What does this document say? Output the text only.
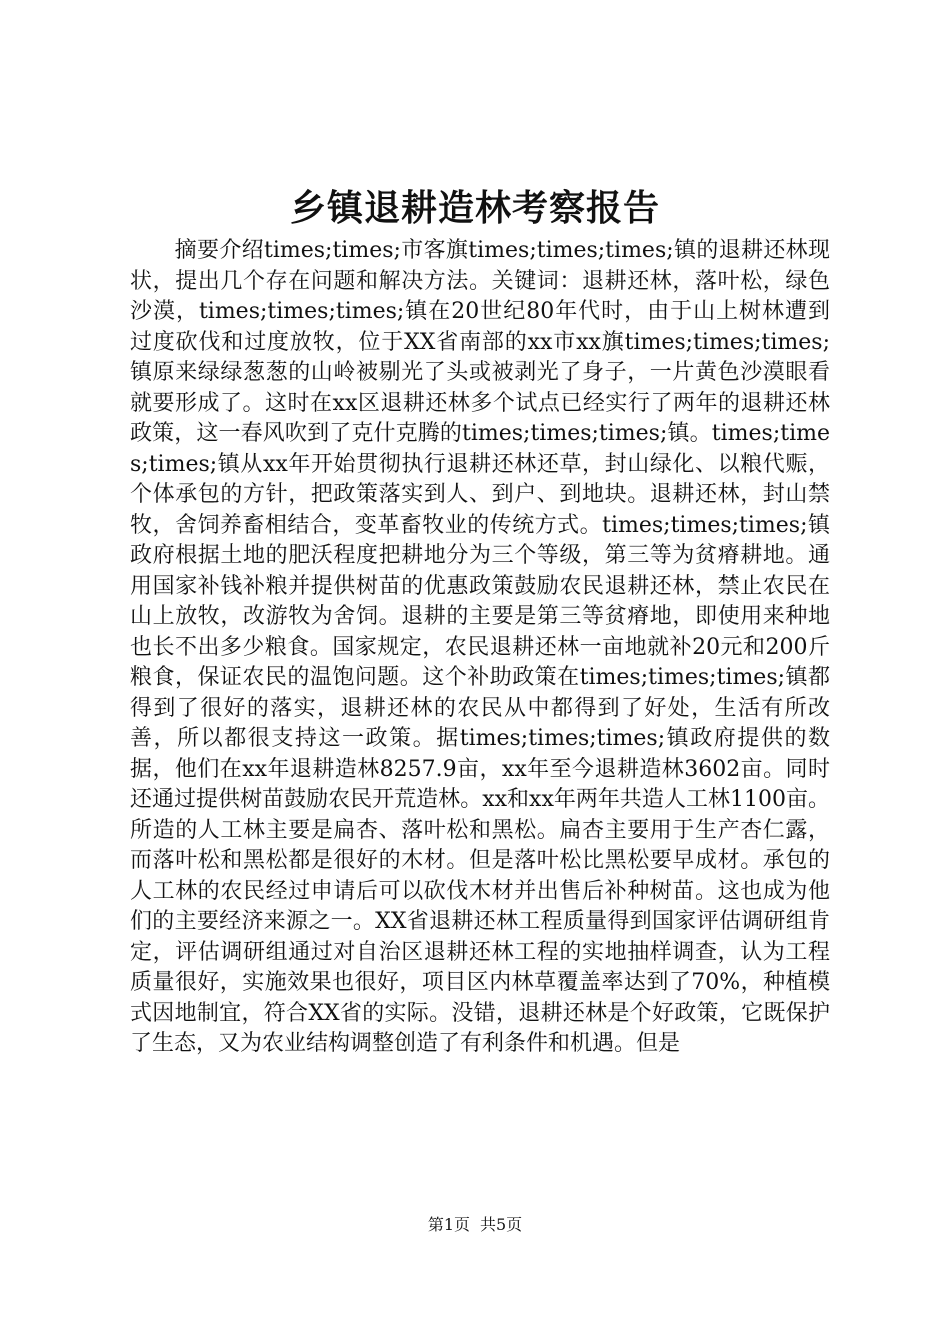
乡镇退耕造林考察报告

　　摘要介绍times;times;市客旗times;times;times;镇的退耕还林现状，提出几个存在问题和解决方法。关键词：退耕还林，落叶松，绿色沙漠，times;times;times;镇在20世纪80年代时，由于山上树林遭到过度砍伐和过度放牧，位于XX省南部的xx市xx旗times;times;times;镇原来绿绿葱葱的山岭被剔光了头或被剥光了身子，一片黄色沙漠眼看就要形成了。这时在xx区退耕还林多个试点已经实行了两年的退耕还林政策，这一春风吹到了克什克腾的times;times;times;镇。times;times;times;镇从xx年开始贯彻执行退耕还林还草，封山绿化、以粮代赈，个体承包的方针，把政策落实到人、到户、到地块。退耕还林，封山禁牧，舍饲养畜相结合，变革畜牧业的传统方式。times;times;times;镇政府根据土地的肥沃程度把耕地分为三个等级，第三等为贫瘠耕地。通用国家补钱补粮并提供树苗的优惠政策鼓励农民退耕还林，禁止农民在山上放牧，改游牧为舍饲。退耕的主要是第三等贫瘠地，即使用来种地也长不出多少粮食。国家规定，农民退耕还林一亩地就补20元和200斤粮食，保证农民的温饱问题。这个补助政策在times;times;times;镇都得到了很好的落实，退耕还林的农民从中都得到了好处，生活有所改善，所以都很支持这一政策。据times;times;times;镇政府提供的数据，他们在xx年退耕造林8257.9亩，xx年至今退耕造林3602亩。同时还通过提供树苗鼓励农民开荒造林。xx和xx年两年共造人工林1100亩。所造的人工林主要是扁杏、落叶松和黑松。扁杏主要用于生产杏仁露，而落叶松和黑松都是很好的木材。但是落叶松比黑松要早成材。承包的人工林的农民经过申请后可以砍伐木材并出售后补种树苗。这也成为他们的主要经济来源之一。XX省退耕还林工程质量得到国家评估调研组肯定，评估调研组通过对自治区退耕还林工程的实地抽样调查，认为工程质量很好，实施效果也很好，项目区内林草覆盖率达到了70%，种植模式因地制宜，符合XX省的实际。没错，退耕还林是个好政策，它既保护了生态，又为农业结构调整创造了有利条件和机遇。但是

第1页 共5页
